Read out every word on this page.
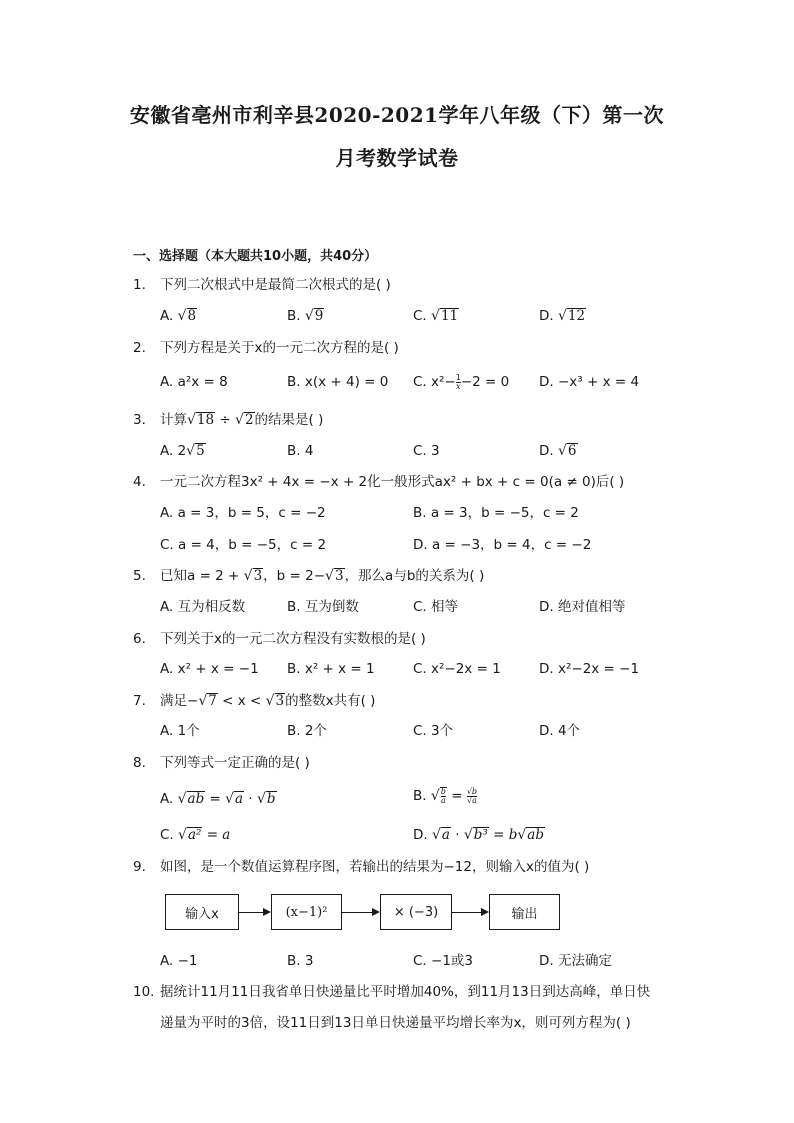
安徽省亳州市利辛县2020-2021学年八年级（下）第一次
月考数学试卷
一、选择题（本大题共10小题，共40分）
1. 下列二次根式中是最简二次根式的是( )
A. √8	B. √9	C. √11	D. √12
2. 下列方程是关于x的一元二次方程的是( )
A. a²x = 8	B. x(x + 4) = 0 C. $x^2- \frac{1}{x} -2 = 0$ D. −x³ + x = 4
3. 计算√18 ÷ √2的结果是( )
A. 2√5	B. 4	C. 3	D. √6
4. 一元二次方程3x² + 4x = −x + 2化一般形式ax² + bx + c = 0(a ≠ 0)后( )
A. a = 3，b = 5，c = −2	B. a = 3，b = −5，c = 2
C. a = 4，b = −5，c = 2	D. a = −3，b = 4，c = −2
5. 已知a = 2 + √3，b = 2−√3，那么a与b的关系为( )
A. 互为相反数	B. 互为倒数	C. 相等	D. 绝对值相等
6. 下列关于x的一元二次方程没有实数根的是( )
A. x² + x = −1 B. x² + x = 1	C. x²−2x = 1	D. x²−2x = −1
7. 满足−√7 < x < √3的整数x共有( )
A. 1个	B. 2个	C. 3个	D. 4个
8. 下列等式一定正确的是( )
A. √ab = √a · √b	B. √ $\frac{b}{a} = \frac{√b}{√a}$
C. √a² = a	D. √a · √b³ = b√ab
9. 如图，是一个数值运算程序图，若输出的结果为−12，则输入x的值为( )
输入x	(x−1)²	× (−3)	输出
A. −1	B. 3	C. −1或3	D. 无法确定
10. 据统计11月11日我省单日快递量比平时增加40%，到11月13日到达高峰，单日快
递量为平时的3倍，设11日到13日单日快递量平均增长率为x，则可列方程为( )
